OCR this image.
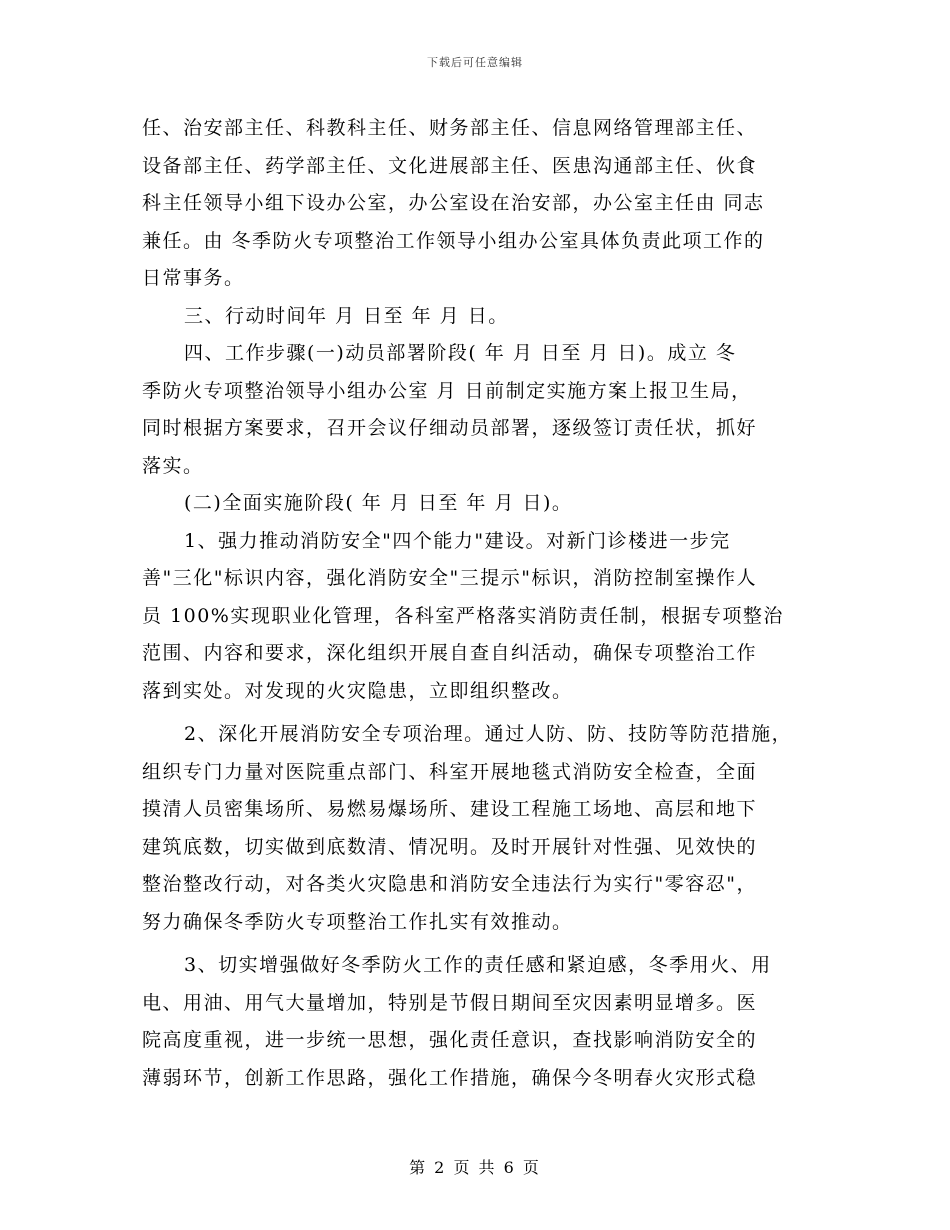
下载后可任意编辑
任、治安部主任、科教科主任、财务部主任、信息网络管理部主任、
设备部主任、药学部主任、文化进展部主任、医患沟通部主任、伙食
科主任领导小组下设办公室，办公室设在治安部，办公室主任由 同志
兼任。由 冬季防火专项整治工作领导小组办公室具体负责此项工作的
日常事务。
三、行动时间年 月 日至 年 月 日。
四、工作步骤(一)动员部署阶段( 年 月 日至 月 日)。成立 冬
季防火专项整治领导小组办公室 月 日前制定实施方案上报卫生局，
同时根据方案要求，召开会议仔细动员部署，逐级签订责任状，抓好
落实。
(二)全面实施阶段( 年 月 日至 年 月 日)。
1、强力推动消防安全"四个能力"建设。对新门诊楼进一步完
善"三化"标识内容，强化消防安全"三提示"标识，消防控制室操作人
员 100%实现职业化管理，各科室严格落实消防责任制，根据专项整治
范围、内容和要求，深化组织开展自查自纠活动，确保专项整治工作
落到实处。对发现的火灾隐患，立即组织整改。
2、深化开展消防安全专项治理。通过人防、防、技防等防范措施，
组织专门力量对医院重点部门、科室开展地毯式消防安全检查，全面
摸清人员密集场所、易燃易爆场所、建设工程施工场地、高层和地下
建筑底数，切实做到底数清、情况明。及时开展针对性强、见效快的
整治整改行动，对各类火灾隐患和消防安全违法行为实行"零容忍"，
努力确保冬季防火专项整治工作扎实有效推动。
3、切实增强做好冬季防火工作的责任感和紧迫感，冬季用火、用
电、用油、用气大量增加，特别是节假日期间至灾因素明显增多。医
院高度重视，进一步统一思想，强化责任意识，查找影响消防安全的
薄弱环节，创新工作思路，强化工作措施，确保今冬明春火灾形式稳
第 2 页 共 6 页
